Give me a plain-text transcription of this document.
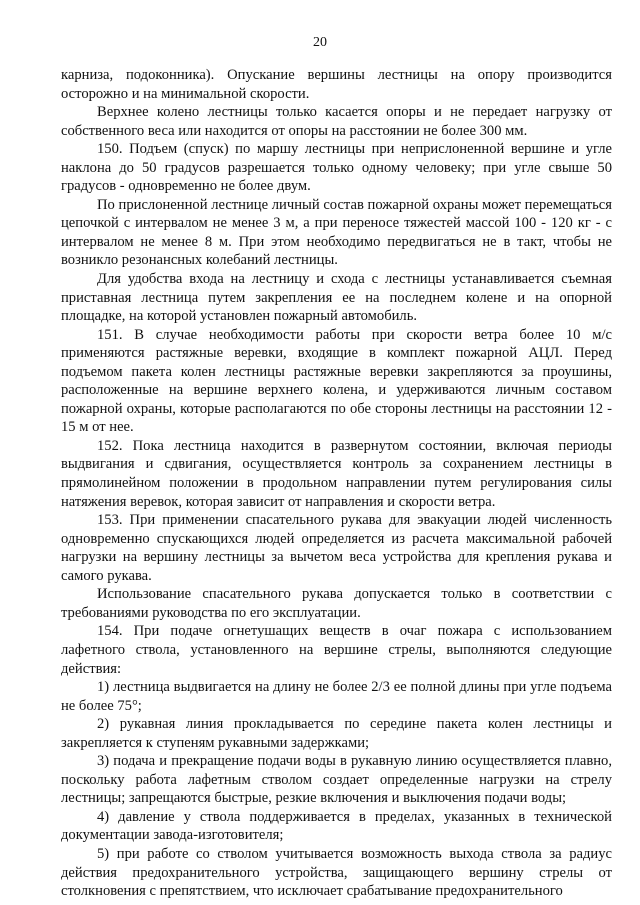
20

карниза, подоконника). Опускание вершины лестницы на опору производится осторожно и на минимальной скорости.

Верхнее колено лестницы только касается опоры и не передает нагрузку от собственного веса или находится от опоры на расстоянии не более 300 мм.

150. Подъем (спуск) по маршу лестницы при неприслоненной вершине и угле наклона до 50 градусов разрешается только одному человеку; при угле свыше 50 градусов - одновременно не более двум.

По прислоненной лестнице личный состав пожарной охраны может перемещаться цепочкой с интервалом не менее 3 м, а при переносе тяжестей массой 100 - 120 кг - с интервалом не менее 8 м. При этом необходимо передвигаться не в такт, чтобы не возникло резонансных колебаний лестницы.

Для удобства входа на лестницу и схода с лестницы устанавливается съемная приставная лестница путем закрепления ее на последнем колене и на опорной площадке, на которой установлен пожарный автомобиль.

151. В случае необходимости работы при скорости ветра более 10 м/с применяются растяжные веревки, входящие в комплект пожарной АЦЛ. Перед подъемом пакета колен лестницы растяжные веревки закрепляются за проушины, расположенные на вершине верхнего колена, и удерживаются личным составом пожарной охраны, которые располагаются по обе стороны лестницы на расстоянии 12 - 15 м от нее.

152. Пока лестница находится в развернутом состоянии, включая периоды выдвигания и сдвигания, осуществляется контроль за сохранением лестницы в прямолинейном положении в продольном направлении путем регулирования силы натяжения веревок, которая зависит от направления и скорости ветра.

153. При применении спасательного рукава для эвакуации людей численность одновременно спускающихся людей определяется из расчета максимальной рабочей нагрузки на вершину лестницы за вычетом веса устройства для крепления рукава и самого рукава.

Использование спасательного рукава допускается только в соответствии с требованиями руководства по его эксплуатации.

154. При подаче огнетушащих веществ в очаг пожара с использованием лафетного ствола, установленного на вершине стрелы, выполняются следующие действия:

1) лестница выдвигается на длину не более 2/3 ее полной длины при угле подъема не более 75°;

2) рукавная линия прокладывается по середине пакета колен лестницы и закрепляется к ступеням рукавными задержками;

3) подача и прекращение подачи воды в рукавную линию осуществляется плавно, поскольку работа лафетным стволом создает определенные нагрузки на стрелу лестницы; запрещаются быстрые, резкие включения и выключения подачи воды;

4) давление у ствола поддерживается в пределах, указанных в технической документации завода-изготовителя;

5) при работе со стволом учитывается возможность выхода ствола за радиус действия предохранительного устройства, защищающего вершину стрелы от столкновения с препятствием, что исключает срабатывание предохранительного
